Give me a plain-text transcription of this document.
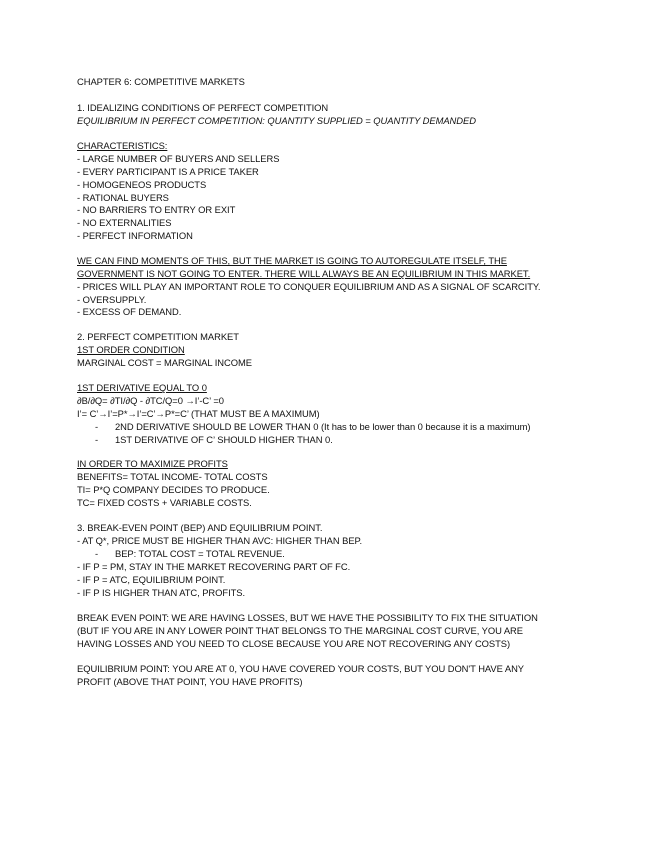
CHAPTER 6: COMPETITIVE MARKETS
1. IDEALIZING CONDITIONS OF PERFECT COMPETITION
EQUILIBRIUM IN PERFECT COMPETITION: QUANTITY SUPPLIED = QUANTITY DEMANDED
CHARACTERISTICS:
- LARGE NUMBER OF BUYERS AND SELLERS
- EVERY PARTICIPANT IS A PRICE TAKER
- HOMOGENEOS PRODUCTS
- RATIONAL BUYERS
- NO BARRIERS TO ENTRY OR EXIT
- NO EXTERNALITIES
- PERFECT INFORMATION
WE CAN FIND MOMENTS OF THIS, BUT THE MARKET IS GOING TO AUTOREGULATE ITSELF, THE
GOVERNMENT IS NOT GOING TO ENTER. THERE WILL ALWAYS BE AN EQUILIBRIUM IN THIS MARKET.
- PRICES WILL PLAY AN IMPORTANT ROLE TO CONQUER EQUILIBRIUM AND AS A SIGNAL OF SCARCITY.
- OVERSUPPLY.
- EXCESS OF DEMAND.
2. PERFECT COMPETITION MARKET
1ST ORDER CONDITION
MARGINAL COST = MARGINAL INCOME
1ST DERIVATIVE EQUAL TO 0
∂B/∂Q= ∂TI/∂Q - ∂TC/Q=0 →I’-C’ =0
I’= C’→I’=P*→I’=C’→P*=C’ (THAT MUST BE A MAXIMUM)
- 2ND DERIVATIVE SHOULD BE LOWER THAN 0 (It has to be lower than 0 because it is a maximum)
- 1ST DERIVATIVE OF C’ SHOULD HIGHER THAN 0.
IN ORDER TO MAXIMIZE PROFITS
BENEFITS= TOTAL INCOME- TOTAL COSTS
TI= P*Q COMPANY DECIDES TO PRODUCE.
TC= FIXED COSTS + VARIABLE COSTS.
3. BREAK-EVEN POINT (BEP) AND EQUILIBRIUM POINT.
- AT Q*, PRICE MUST BE HIGHER THAN AVC: HIGHER THAN BEP.
- BEP: TOTAL COST = TOTAL REVENUE.
- IF P = PM, STAY IN THE MARKET RECOVERING PART OF FC.
- IF P = ATC, EQUILIBRIUM POINT.
- IF P IS HIGHER THAN ATC, PROFITS.
BREAK EVEN POINT: WE ARE HAVING LOSSES, BUT WE HAVE THE POSSIBILITY TO FIX THE SITUATION
(BUT IF YOU ARE IN ANY LOWER POINT THAT BELONGS TO THE MARGINAL COST CURVE, YOU ARE
HAVING LOSSES AND YOU NEED TO CLOSE BECAUSE YOU ARE NOT RECOVERING ANY COSTS)
EQUILIBRIUM POINT: YOU ARE AT 0, YOU HAVE COVERED YOUR COSTS, BUT YOU DON'T HAVE ANY
PROFIT (ABOVE THAT POINT, YOU HAVE PROFITS)
